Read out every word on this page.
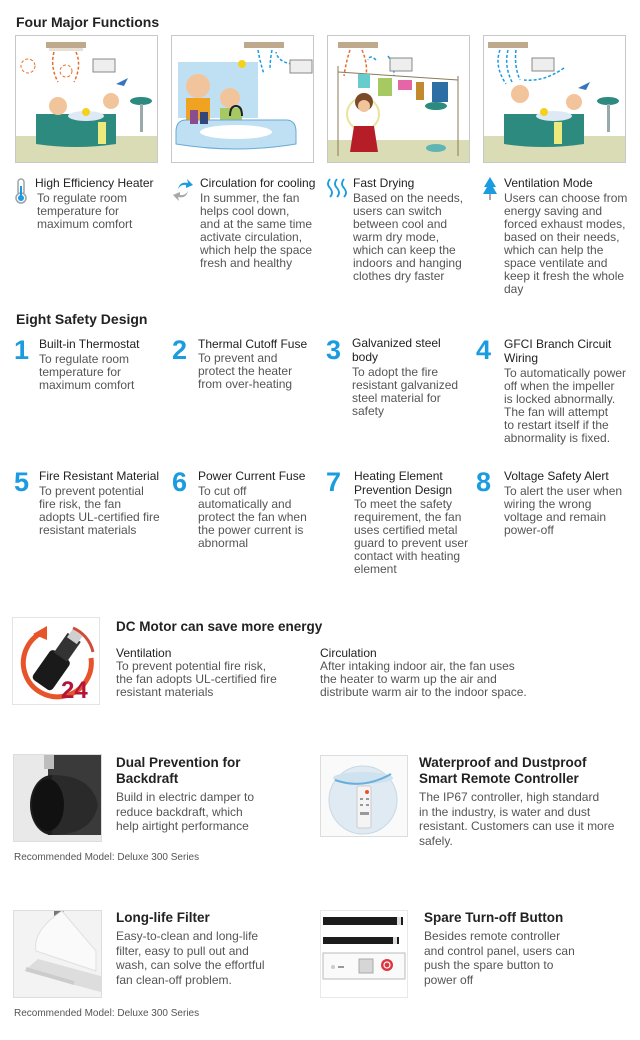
Four Major Functions
High Efficiency Heater
To regulate room
temperature for
maximum comfort
Circulation for cooling
In summer, the fan
helps cool down,
and at the same time
activate circulation,
which help the space
fresh and healthy
Fast Drying
Based on the needs,
users can switch
between cool and
warm dry mode,
which can keep the
indoors and hanging
clothes dry faster
Ventilation Mode
Users can choose from
energy saving and
forced exhaust modes,
based on their needs,
which can help the
space ventilate and
keep it fresh the whole
day
Eight Safety Design
1 Built-in Thermostat
To regulate room
temperature for
maximum comfort
2 Thermal Cutoff Fuse
To prevent and
protect the heater
from over-heating
3 Galvanized steel
body
To adopt the fire
resistant galvanized
steel material for
safety
4 GFCI Branch Circuit
Wiring
To automatically power
off when the impeller
is locked abnormally.
The fan will attempt
to restart itself if the
abnormality is fixed.
5 Fire Resistant Material
To prevent potential
fire risk, the fan
adopts UL-certified fire
resistant materials
6 Power Current Fuse
To cut off
automatically and
protect the fan when
the power current is
abnormal
7 Heating Element
Prevention Design
To meet the safety
requirement, the fan
uses certified metal
guard to prevent user
contact with heating
element
8 Voltage Safety Alert
To alert the user when
wiring the wrong
voltage and remain
power-off
24
DC Motor can save more energy
Ventilation
To prevent potential fire risk,
the fan adopts UL-certified fire
resistant materials
Circulation
After intaking indoor air, the fan uses
the heater to warm up the air and
distribute warm air to the indoor space.
Dual Prevention for
Backdraft
Build in electric damper to
reduce backdraft, which
help airtight performance
Recommended Model: Deluxe 300 Series
Waterproof and Dustproof
Smart Remote Controller
The IP67 controller, high standard
in the industry, is water and dust
resistant. Customers can use it more
safely.
Long-life Filter
Easy-to-clean and long-life
filter, easy to pull out and
wash, can solve the effortful
fan clean-off problem.
Recommended Model: Deluxe 300 Series
Spare Turn-off Button
Besides remote controller
and control panel, users can
push the spare button to
power off
